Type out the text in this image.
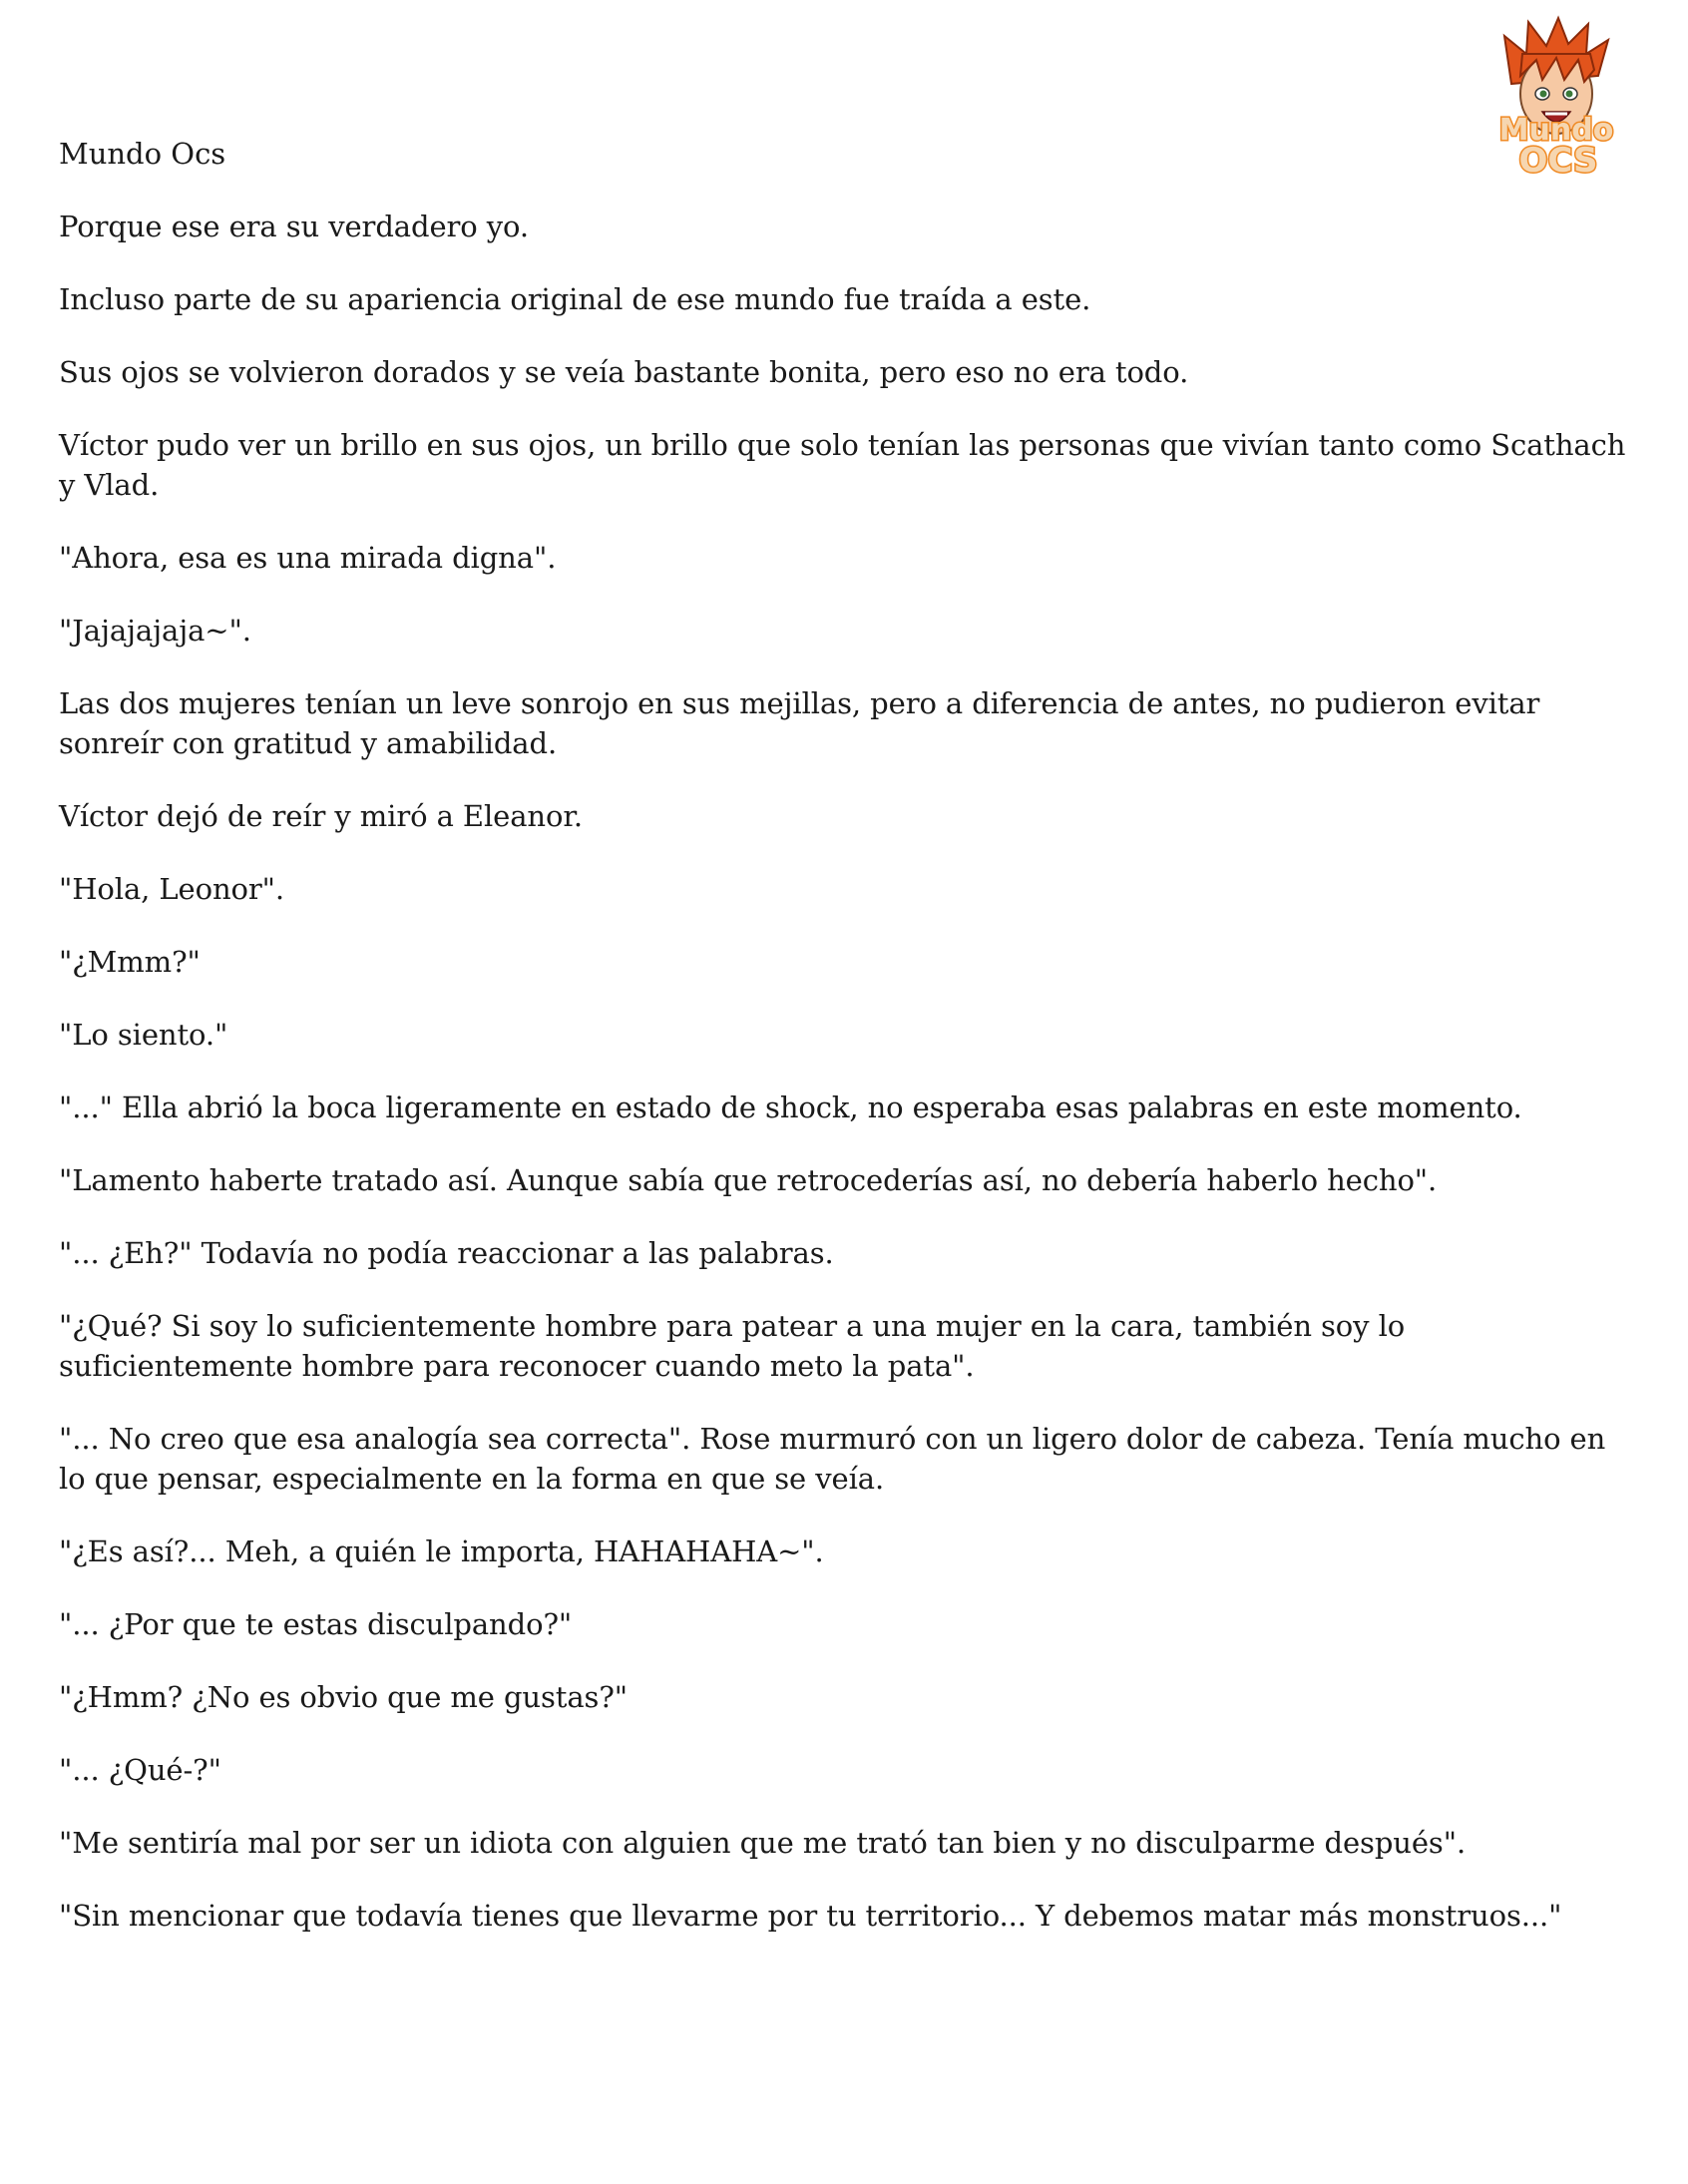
Mundo
OCS
Mundo Ocs

Porque ese era su verdadero yo.

Incluso parte de su apariencia original de ese mundo fue traída a este.

Sus ojos se volvieron dorados y se veía bastante bonita, pero eso no era todo.

Víctor pudo ver un brillo en sus ojos, un brillo que solo tenían las personas que vivían tanto como Scathach y Vlad.

"Ahora, esa es una mirada digna".

"Jajajajaja~".

Las dos mujeres tenían un leve sonrojo en sus mejillas, pero a diferencia de antes, no pudieron evitar sonreír con gratitud y amabilidad.

Víctor dejó de reír y miró a Eleanor.

"Hola, Leonor".

"¿Mmm?"

"Lo siento."

"..." Ella abrió la boca ligeramente en estado de shock, no esperaba esas palabras en este momento.

"Lamento haberte tratado así. Aunque sabía que retrocederías así, no debería haberlo hecho".

"... ¿Eh?" Todavía no podía reaccionar a las palabras.

"¿Qué? Si soy lo suficientemente hombre para patear a una mujer en la cara, también soy lo suficientemente hombre para reconocer cuando meto la pata".

"... No creo que esa analogía sea correcta". Rose murmuró con un ligero dolor de cabeza. Tenía mucho en lo que pensar, especialmente en la forma en que se veía.

"¿Es así?... Meh, a quién le importa, HAHAHAHA~".

"... ¿Por que te estas disculpando?"

"¿Hmm? ¿No es obvio que me gustas?"

"... ¿Qué-?"

"Me sentiría mal por ser un idiota con alguien que me trató tan bien y no disculparme después".

"Sin mencionar que todavía tienes que llevarme por tu territorio... Y debemos matar más monstruos..."
